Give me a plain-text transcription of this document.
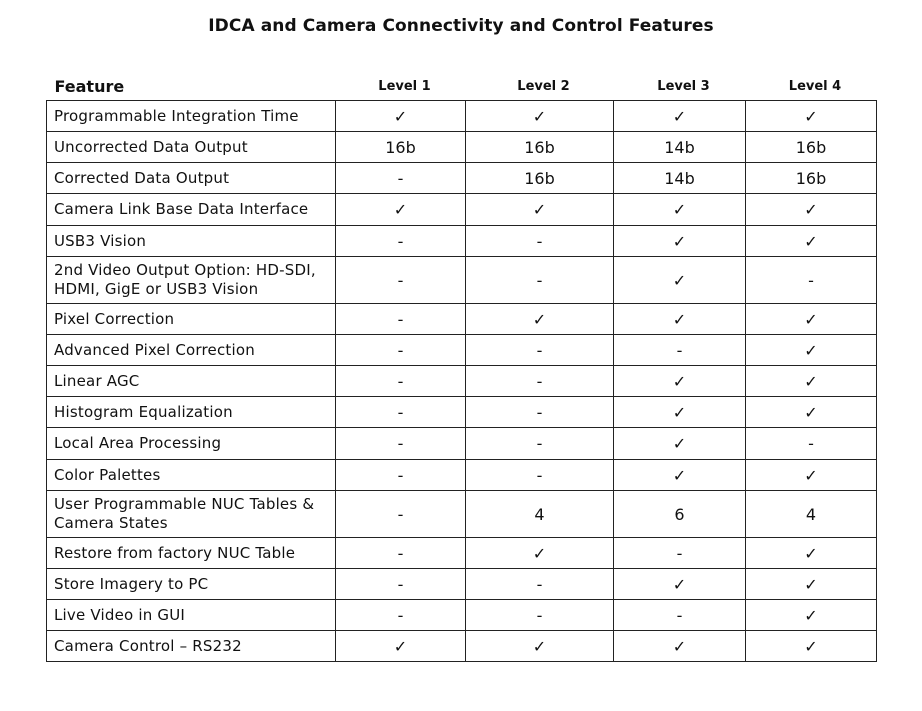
IDCA and Camera Connectivity and Control Features
Feature	Level 1	Level 2	Level 3	Level 4
Programmable Integration Time	✓	✓	✓	✓
Uncorrected Data Output	16b	16b	14b	16b
Corrected Data Output	-	16b	14b	16b
Camera Link Base Data Interface	✓	✓	✓	✓
USB3 Vision	-	-	✓	✓
2nd Video Output Option: HD-SDI, HDMI, GigE or USB3 Vision	-	-	✓	-
Pixel Correction	-	✓	✓	✓
Advanced Pixel Correction	-	-	-	✓
Linear AGC	-	-	✓	✓
Histogram Equalization	-	-	✓	✓
Local Area Processing	-	-	✓	-
Color Palettes	-	-	✓	✓
User Programmable NUC Tables & Camera States	-	4	6	4
Restore from factory NUC Table	-	✓	-	✓
Store Imagery to PC	-	-	✓	✓
Live Video in GUI	-	-	-	✓
Camera Control – RS232	✓	✓	✓	✓
